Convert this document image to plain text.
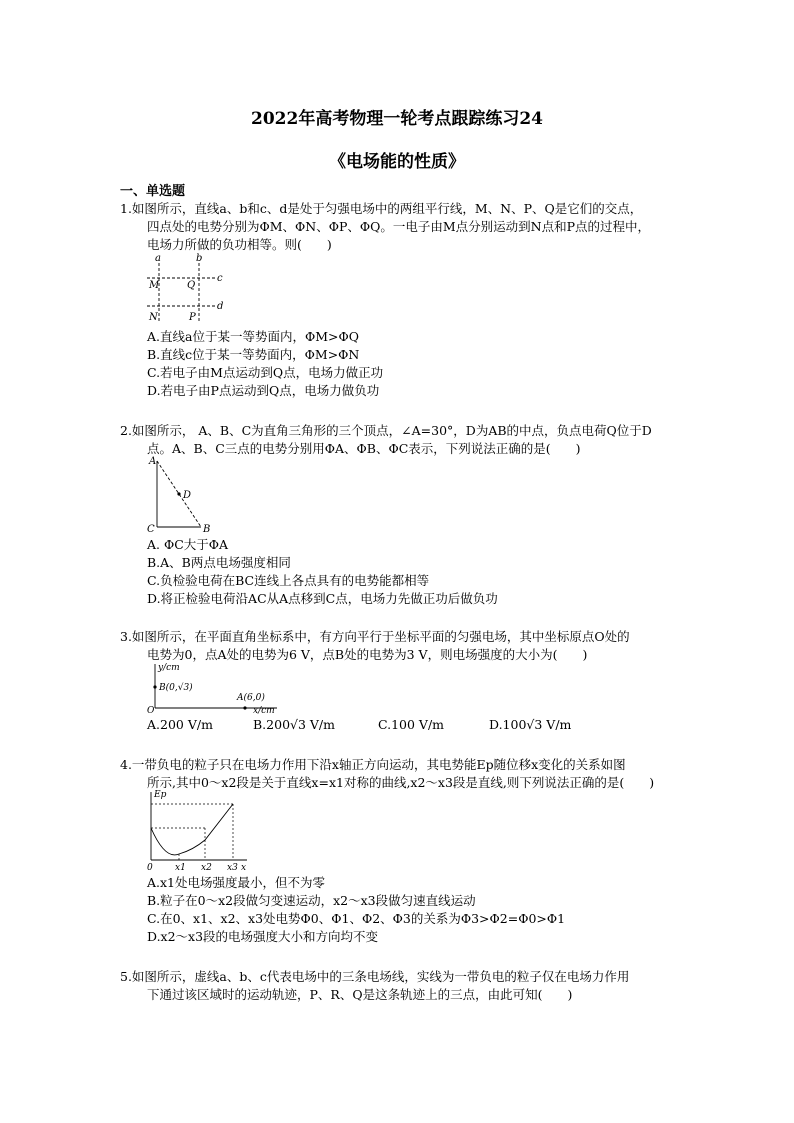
2022年高考物理一轮考点跟踪练习24
《电场能的性质》
一、单选题
1.如图所示，直线a、b和c、d是处于匀强电场中的两组平行线，M、N、P、Q是它们的交点，
四点处的电势分别为ΦM、ΦN、ΦP、ΦQ。一电子由M点分别运动到N点和P点的过程中，
电场力所做的负功相等。则(　　)
a	b
c
d
M	Q
N	P
A.直线a位于某一等势面内，ΦM>ΦQ
B.直线c位于某一等势面内，ΦM>ΦN
C.若电子由M点运动到Q点，电场力做正功
D.若电子由P点运动到Q点，电场力做负功
2.如图所示， A、B、C为直角三角形的三个顶点，∠A=30°，D为AB的中点，负点电荷Q位于D
点。A、B、C三点的电势分别用ΦA、ΦB、ΦC表示，下列说法正确的是(　　)
A
B
C
D
A. ΦC大于ΦA
B.A、B两点电场强度相同
C.负检验电荷在BC连线上各点具有的电势能都相等
D.将正检验电荷沿AC从A点移到C点，电场力先做正功后做负功
3.如图所示，在平面直角坐标系中，有方向平行于坐标平面的匀强电场，其中坐标原点O处的
电势为0，点A处的电势为6 V，点B处的电势为3 V，则电场强度的大小为(　　)
y/cm
x/cm
O
A(6,0)
B(0,√3)
A.200 V/m	B.200√3 V/m	C.100 V/m	D.100√3 V/m
4.一带负电的粒子只在电场力作用下沿x轴正方向运动，其电势能Ep随位移x变化的关系如图
所示,其中0～x2段是关于直线x=x1对称的曲线,x2～x3段是直线,则下列说法正确的是(　　)
Ep
0 x1 x2 x3 x
A.x1处电场强度最小，但不为零
B.粒子在0～x2段做匀变速运动，x2～x3段做匀速直线运动
C.在0、x1、x2、x3处电势Φ0、Φ1、Φ2、Φ3的关系为Φ3>Φ2=Φ0>Φ1
D.x2～x3段的电场强度大小和方向均不变
5.如图所示，虚线a、b、c代表电场中的三条电场线，实线为一带负电的粒子仅在电场力作用
下通过该区域时的运动轨迹，P、R、Q是这条轨迹上的三点，由此可知(　　)
